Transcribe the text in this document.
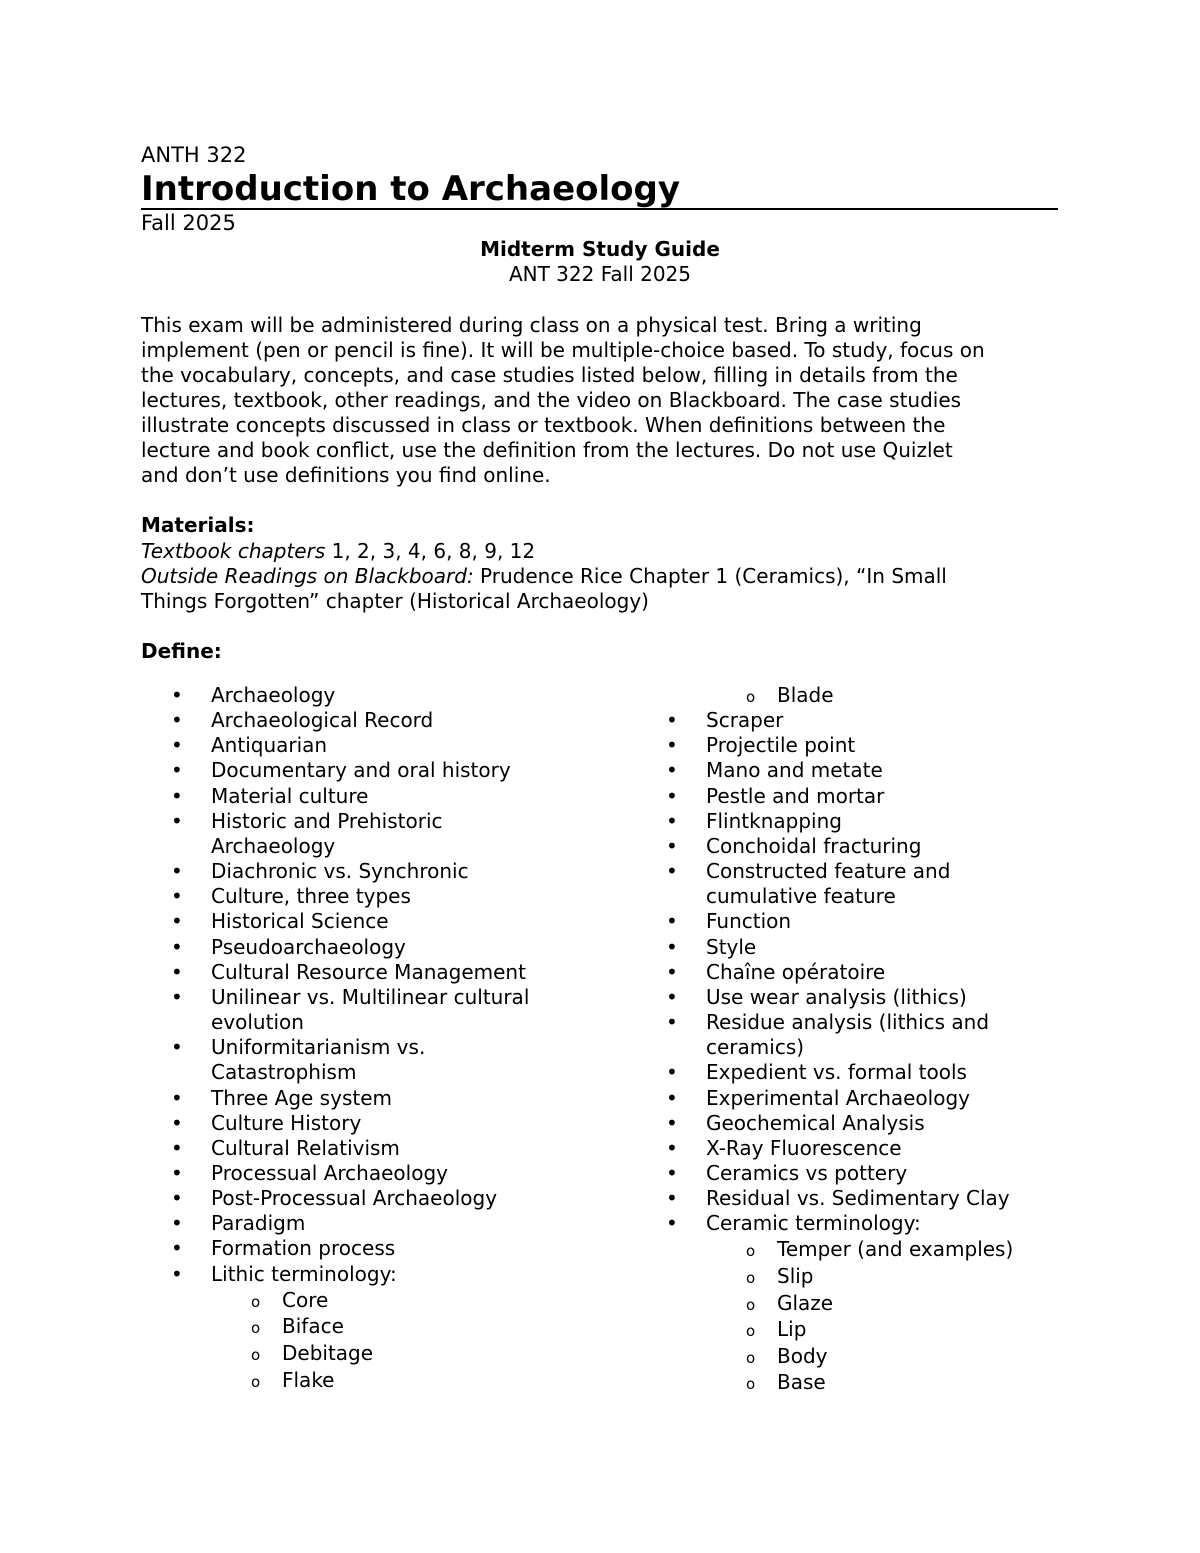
ANTH 322
Introduction to Archaeology
Fall 2025
Midterm Study Guide
ANT 322 Fall 2025
This exam will be administered during class on a physical test. Bring a writing
implement (pen or pencil is fine). It will be multiple-choice based. To study, focus on
the vocabulary, concepts, and case studies listed below, filling in details from the
lectures, textbook, other readings, and the video on Blackboard. The case studies
illustrate concepts discussed in class or textbook. When definitions between the
lecture and book conflict, use the definition from the lectures. Do not use Quizlet
and don’t use definitions you find online.
Materials:
Textbook chapters 1, 2, 3, 4, 6, 8, 9, 12
Outside Readings on Blackboard: Prudence Rice Chapter 1 (Ceramics), “In Small
Things Forgotten” chapter (Historical Archaeology)
Define:
• Archaeology
• Archaeological Record
• Antiquarian
• Documentary and oral history
• Material culture
• Historic and Prehistoric
Archaeology
• Diachronic vs. Synchronic
• Culture, three types
• Historical Science
• Pseudoarchaeology
• Cultural Resource Management
• Unilinear vs. Multilinear cultural
evolution
• Uniformitarianism vs.
Catastrophism
• Three Age system
• Culture History
• Cultural Relativism
• Processual Archaeology
• Post-Processual Archaeology
• Paradigm
• Formation process
• Lithic terminology:
o Core
o Biface
o Debitage
o Flake
o Blade
• Scraper
• Projectile point
• Mano and metate
• Pestle and mortar
• Flintknapping
• Conchoidal fracturing
• Constructed feature and
cumulative feature
• Function
• Style
• Chaîne opératoire
• Use wear analysis (lithics)
• Residue analysis (lithics and
ceramics)
• Expedient vs. formal tools
• Experimental Archaeology
• Geochemical Analysis
• X-Ray Fluorescence
• Ceramics vs pottery
• Residual vs. Sedimentary Clay
• Ceramic terminology:
o Temper (and examples)
o Slip
o Glaze
o Lip
o Body
o Base
